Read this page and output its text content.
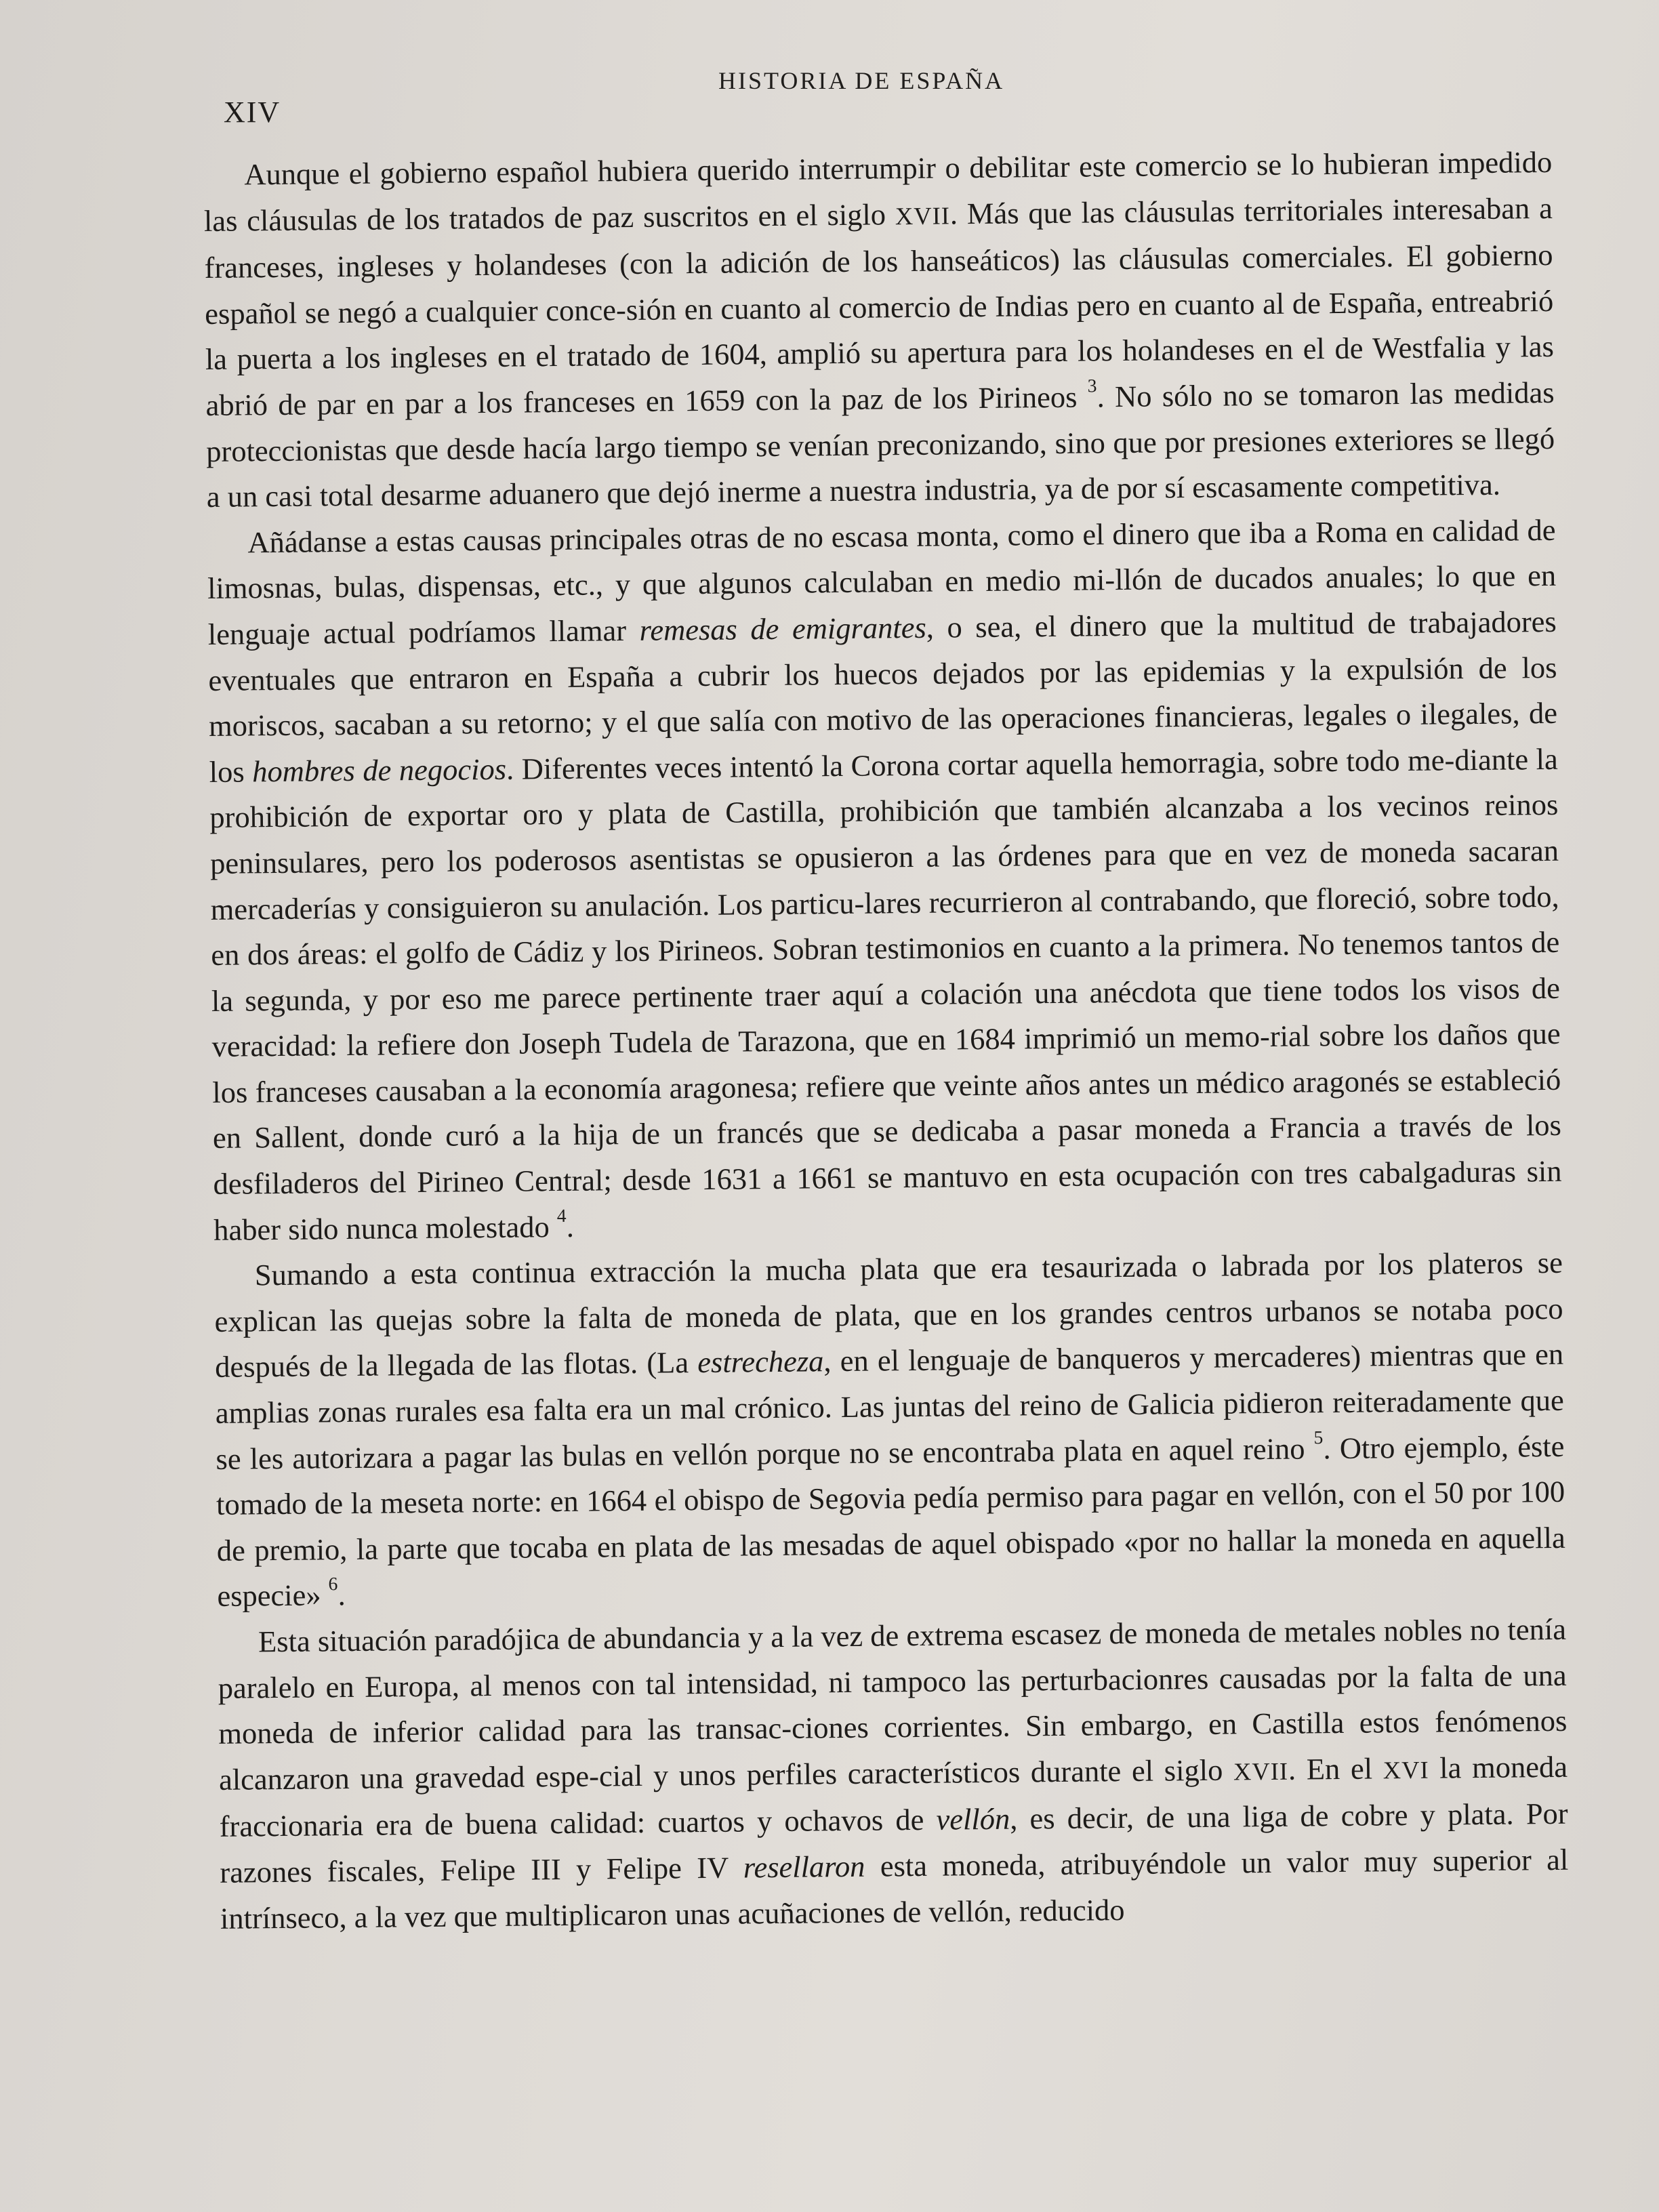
XIV
HISTORIA DE ESPAÑA

Aunque el gobierno español hubiera querido interrumpir o debilitar este comercio se lo hubieran impedido las cláusulas de los tratados de paz suscritos en el siglo XVII. Más que las cláusulas territoriales interesaban a franceses, ingleses y holandeses (con la adición de los hanseáticos) las cláusulas comerciales. El gobierno español se negó a cualquier conce-sión en cuanto al comercio de Indias pero en cuanto al de España, entreabrió la puerta a los ingleses en el tratado de 1604, amplió su apertura para los holandeses en el de Westfalia y las abrió de par en par a los franceses en 1659 con la paz de los Pirineos $^3$. No sólo no se tomaron las medidas proteccionistas que desde hacía largo tiempo se venían preconizando, sino que por presiones exteriores se llegó a un casi total desarme aduanero que dejó inerme a nuestra industria, ya de por sí escasamente competitiva.

Añádanse a estas causas principales otras de no escasa monta, como el dinero que iba a Roma en calidad de limosnas, bulas, dispensas, etc., y que algunos calculaban en medio mi-llón de ducados anuales; lo que en lenguaje actual podríamos llamar remesas de emigrantes, o sea, el dinero que la multitud de trabajadores eventuales que entraron en España a cubrir los huecos dejados por las epidemias y la expulsión de los moriscos, sacaban a su retorno; y el que salía con motivo de las operaciones financieras, legales o ilegales, de los hombres de negocios. Diferentes veces intentó la Corona cortar aquella hemorragia, sobre todo me-diante la prohibición de exportar oro y plata de Castilla, prohibición que también alcanzaba a los vecinos reinos peninsulares, pero los poderosos asentistas se opusieron a las órdenes para que en vez de moneda sacaran mercaderías y consiguieron su anulación. Los particu-lares recurrieron al contrabando, que floreció, sobre todo, en dos áreas: el golfo de Cádiz y los Pirineos. Sobran testimonios en cuanto a la primera. No tenemos tantos de la segunda, y por eso me parece pertinente traer aquí a colación una anécdota que tiene todos los visos de veracidad: la refiere don Joseph Tudela de Tarazona, que en 1684 imprimió un memo-rial sobre los daños que los franceses causaban a la economía aragonesa; refiere que veinte años antes un médico aragonés se estableció en Sallent, donde curó a la hija de un francés que se dedicaba a pasar moneda a Francia a través de los desfiladeros del Pirineo Central; desde 1631 a 1661 se mantuvo en esta ocupación con tres cabalgaduras sin haber sido nunca molestado $^4$.

Sumando a esta continua extracción la mucha plata que era tesaurizada o labrada por los plateros se explican las quejas sobre la falta de moneda de plata, que en los grandes centros urbanos se notaba poco después de la llegada de las flotas. (La estrecheza, en el lenguaje de banqueros y mercaderes) mientras que en amplias zonas rurales esa falta era un mal crónico. Las juntas del reino de Galicia pidieron reiteradamente que se les autorizara a pagar las bulas en vellón porque no se encontraba plata en aquel reino $^5$. Otro ejemplo, éste tomado de la meseta norte: en 1664 el obispo de Segovia pedía permiso para pagar en vellón, con el 50 por 100 de premio, la parte que tocaba en plata de las mesadas de aquel obispado «por no hallar la moneda en aquella especie» $^6$.

Esta situación paradójica de abundancia y a la vez de extrema escasez de moneda de metales nobles no tenía paralelo en Europa, al menos con tal intensidad, ni tampoco las perturbacionres causadas por la falta de una moneda de inferior calidad para las transac-ciones corrientes. Sin embargo, en Castilla estos fenómenos alcanzaron una gravedad espe-cial y unos perfiles característicos durante el siglo XVII. En el XVI la moneda fraccionaria era de buena calidad: cuartos y ochavos de vellón, es decir, de una liga de cobre y plata. Por razones fiscales, Felipe III y Felipe IV resellaron esta moneda, atribuyéndole un valor muy superior al intrínseco, a la vez que multiplicaron unas acuñaciones de vellón, reducido
